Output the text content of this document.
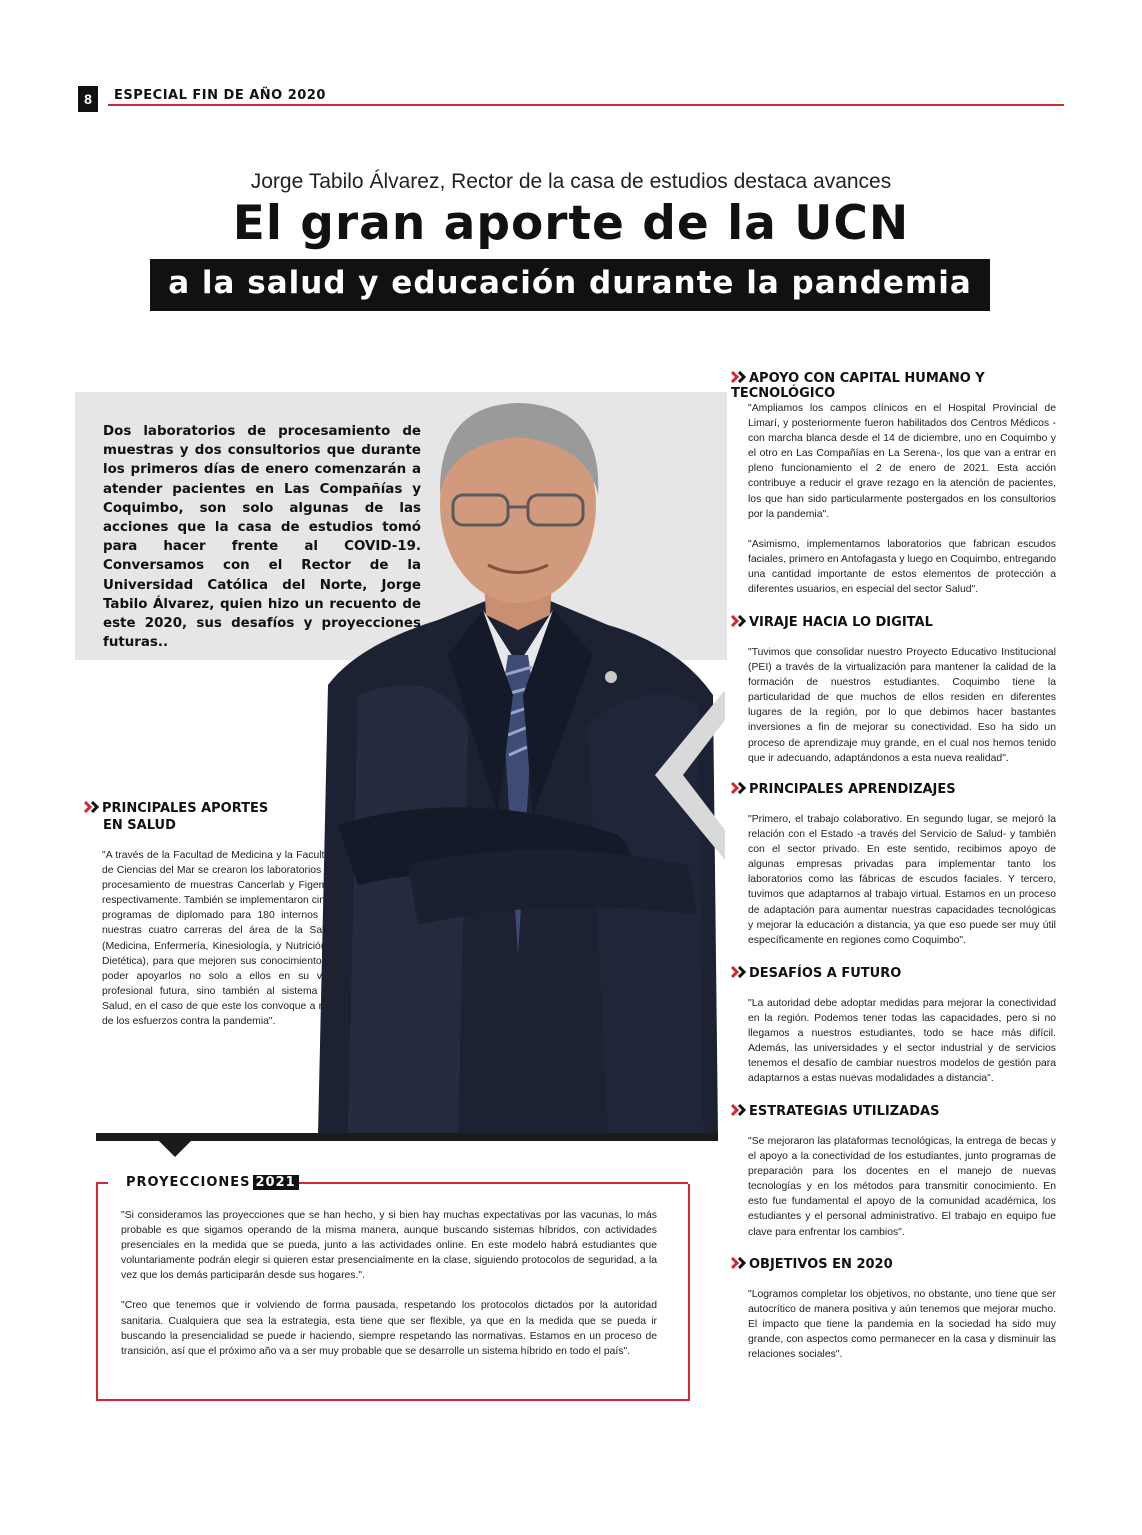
8	ESPECIAL FIN DE AÑO 2020
Jorge Tabilo Álvarez, Rector de la casa de estudios destaca avances
El gran aporte de la UCN
a la salud y educación durante la pandemia
Dos laboratorios de procesamiento de muestras y dos consultorios que durante los primeros días de enero comenzarán a atender pacientes en Las Compañías y Coquimbo, son solo algunas de las acciones que la casa de estudios tomó para hacer frente al COVID-19. Conversamos con el Rector de la Universidad Católica del Norte, Jorge Tabilo Álvarez, quien hizo un recuento de este 2020, sus desafíos y proyecciones futuras..
PRINCIPALES APORTES
EN SALUD
"A través de la Facultad de Medicina y la Facultad de Ciencias del Mar se crearon los laboratorios de procesamiento de muestras Cancerlab y Figema, respectivamente. También se implementaron cinco programas de diplomado para 180 internos de nuestras cuatro carreras del área de la Salud (Medicina, Enfermería, Kinesiología, y Nutrición y Dietética), para que mejoren sus conocimientos y poder apoyarlos no solo a ellos en su vida profesional futura, sino también al sistema de Salud, en el caso de que este los convoque a raíz de los esfuerzos contra la pandemia".
APOYO CON CAPITAL HUMANO Y TECNOLÓGICO
"Ampliamos los campos clínicos en el Hospital Provincial de Limarí, y posteriormente fueron habilitados dos Centros Médicos -con marcha blanca desde el 14 de diciembre, uno en Coquimbo y el otro en Las Compañías en La Serena-, los que van a entrar en pleno funcionamiento el 2 de enero de 2021. Esta acción contribuye a reducir el grave rezago en la atención de pacientes, los que han sido particularmente postergados en los consultorios por la pandemia".
"Asimismo, implementamos laboratorios que fabrican escudos faciales, primero en Antofagasta y luego en Coquimbo, entregando una cantidad importante de estos elementos de protección a diferentes usuarios, en especial del sector Salud".
VIRAJE HACIA LO DIGITAL
"Tuvimos que consolidar nuestro Proyecto Educativo Institucional (PEI) a través de la virtualización para mantener la calidad de la formación de nuestros estudiantes. Coquimbo tiene la particularidad de que muchos de ellos residen en diferentes lugares de la región, por lo que debimos hacer bastantes inversiones a fin de mejorar su conectividad. Eso ha sido un proceso de aprendizaje muy grande, en el cual nos hemos tenido que ir adecuando, adaptándonos a esta nueva realidad".
PRINCIPALES APRENDIZAJES
"Primero, el trabajo colaborativo. En segundo lugar, se mejoró la relación con el Estado -a través del Servicio de Salud- y también con el sector privado. En este sentido, recibimos apoyo de algunas empresas privadas para implementar tanto los laboratorios como las fábricas de escudos faciales. Y tercero, tuvimos que adaptarnos al trabajo virtual. Estamos en un proceso de adaptación para aumentar nuestras capacidades tecnológicas y mejorar la educación a distancia, ya que eso puede ser muy útil específicamente en regiones como Coquimbo".
DESAFÍOS A FUTURO
"La autoridad debe adoptar medidas para mejorar la conectividad en la región. Podemos tener todas las capacidades, pero si no llegamos a nuestros estudiantes, todo se hace más difícil. Además, las universidades y el sector industrial y de servicios tenemos el desafío de cambiar nuestros modelos de gestión para adaptarnos a estas nuevas modalidades a distancia".
ESTRATEGIAS UTILIZADAS
"Se mejoraron las plataformas tecnológicas, la entrega de becas y el apoyo a la conectividad de los estudiantes, junto programas de preparación para los docentes en el manejo de nuevas tecnologías y en los métodos para transmitir conocimiento. En esto fue fundamental el apoyo de la comunidad académica, los estudiantes y el personal administrativo. El trabajo en equipo fue clave para enfrentar los cambios".
OBJETIVOS EN 2020
"Logramos completar los objetivos, no obstante, uno tiene que ser autocrítico de manera positiva y aún tenemos que mejorar mucho. El impacto que tiene la pandemia en la sociedad ha sido muy grande, con aspectos como permanecer en la casa y disminuir las relaciones sociales".
PROYECCIONES 2021

"Si consideramos las proyecciones que se han hecho, y si bien hay muchas expectativas por las vacunas, lo más probable es que sigamos operando de la misma manera, aunque buscando sistemas híbridos, con actividades presenciales en la medida que se pueda, junto a las actividades online. En este modelo habrá estudiantes que voluntariamente podrán elegir si quieren estar presencialmente en la clase, siguiendo protocolos de seguridad, a la vez que los demás participarán desde sus hogares.".

"Creo que tenemos que ir volviendo de forma pausada, respetando los protocolos dictados por la autoridad sanitaria. Cualquiera que sea la estrategia, esta tiene que ser flexible, ya que en la medida que se pueda ir buscando la presencialidad se puede ir haciendo, siempre respetando las normativas. Estamos en un proceso de transición, así que el próximo año va a ser muy probable que se desarrolle un sistema híbrido en todo el país".
